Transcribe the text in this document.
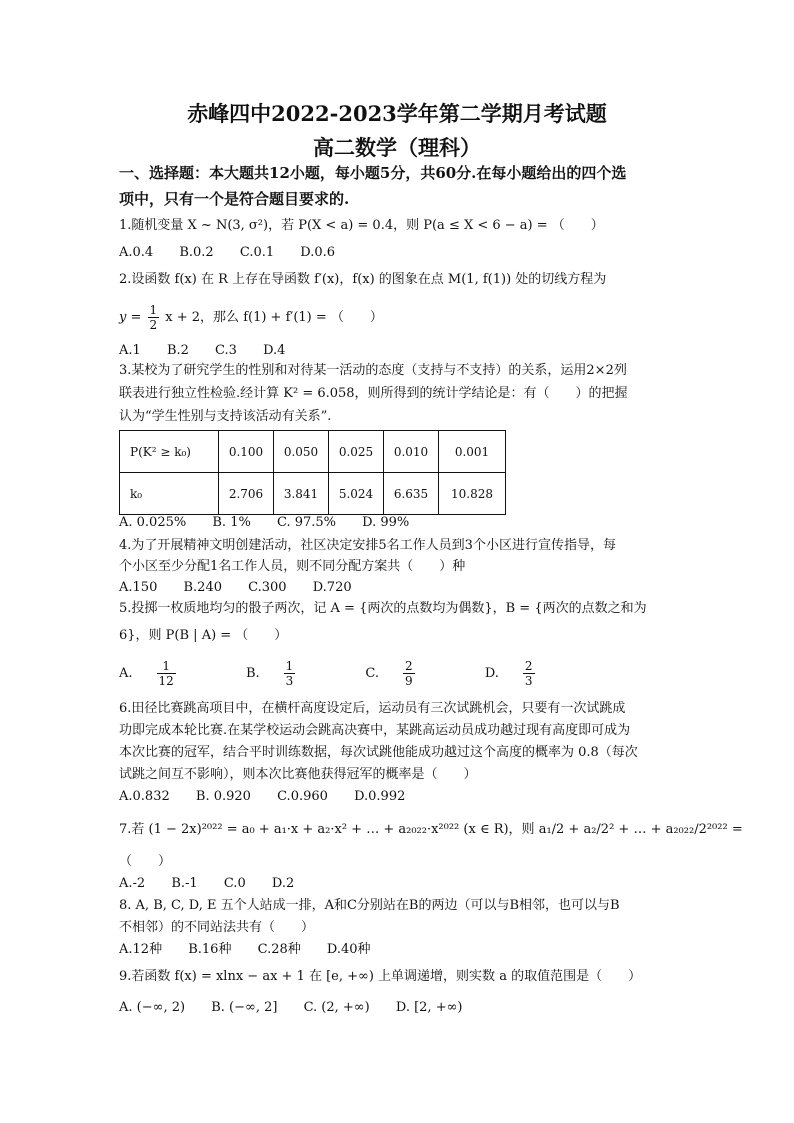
赤峰四中2022-2023学年第二学期月考试题
高二数学（理科）
一、选择题：本大题共12小题，每小题5分，共60分.在每小题给出的四个选
项中，只有一个是符合题目要求的.
1.随机变量 X ~ N(3, σ²)，若 P(X < a) = 0.4，则 P(a ≤ X < 6 − a) = （　　）
A.0.4 B.0.2 C.0.1 D.0.6
2.设函数 f(x) 在 R 上存在导函数 f′(x)，f(x) 的图象在点 M(1, f(1)) 处的切线方程为
$y = \frac{1}{2}$ x + 2，那么 f(1) + f′(1) = （　　）
A.1 B.2 C.3 D.4
3.某校为了研究学生的性别和对待某一活动的态度（支持与不支持）的关系，运用2×2列
联表进行独立性检验.经计算 K² = 6.058，则所得到的统计学结论是：有（　　）的把握
认为“学生性别与支持该活动有关系”.
P(K² ≥ k₀)	0.100	0.050	0.025	0.010	0.001
k₀	2.706	3.841	5.024	6.635	10.828
A. 0.025% B. 1% C. 97.5% D. 99%
4.为了开展精神文明创建活动，社区决定安排5名工作人员到3个小区进行宣传指导，每
个小区至少分配1名工作人员，则不同分配方案共（　　）种
A.150 B.240 C.300 D.720
5.投掷一枚质地均匀的骰子两次，记 A = {两次的点数均为偶数}，B = {两次的点数之和为
6}，则 P(B | A) = （　　）
A. $\frac{1}{12}$	B. $\frac{1}{3}$	C. $\frac{2}{9}$	D. $\frac{2}{3}$
6.田径比赛跳高项目中，在横杆高度设定后，运动员有三次试跳机会，只要有一次试跳成
功即完成本轮比赛.在某学校运动会跳高决赛中，某跳高运动员成功越过现有高度即可成为
本次比赛的冠军，结合平时训练数据，每次试跳他能成功越过这个高度的概率为 0.8（每次
试跳之间互不影响），则本次比赛他获得冠军的概率是（　　）
A.0.832 B. 0.920 C.0.960 D.0.992
7.若 (1 − 2x)²⁰²² = a₀ + a₁·x + a₂·x² + … + a₂₀₂₂·x²⁰²² (x ∈ R)，则 a₁/2 + a₂/2² + … + a₂₀₂₂/2²⁰²² =
（　　）
A.-2 B.-1 C.0 D.2
8. A, B, C, D, E 五个人站成一排，A和C分别站在B的两边（可以与B相邻，也可以与B
不相邻）的不同站法共有（　　）
A.12种 B.16种 C.28种 D.40种
9.若函数 f(x) = xlnx − ax + 1 在 [e, +∞) 上单调递增，则实数 a 的取值范围是（　　）
A. (−∞, 2) B. (−∞, 2] C. (2, +∞) D. [2, +∞)
